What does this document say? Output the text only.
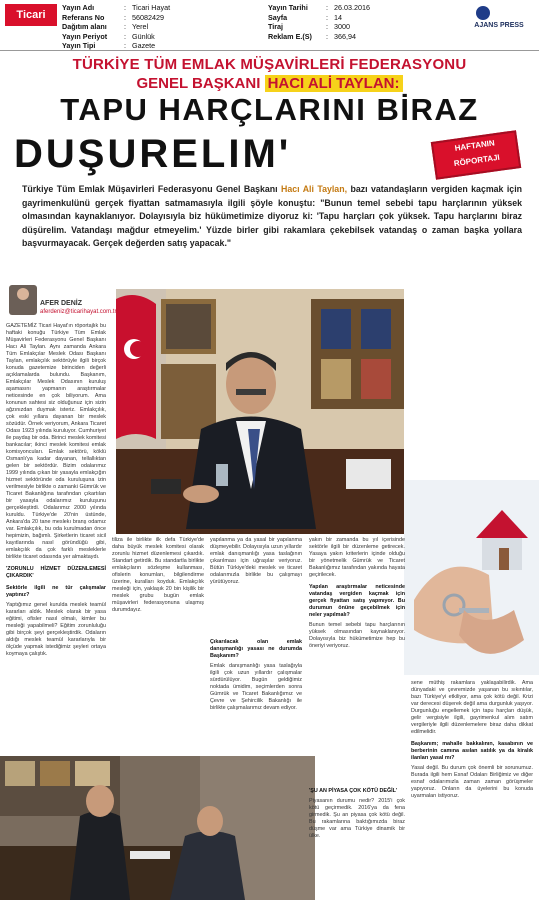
Ticari Hayat
Yayın Adı	: Ticari Hayat
Referans No	: 56082429
Dağıtım alanı : Yerel
Yayın Periyot : Günlük
Yayın Tipi	: Gazete
Yayın Tarihi	: 26.03.2016
Sayfa	: 14
Tiraj	: 3000
Reklam E.(S) : 366,94
AJANS PRESS
TÜRKİYE TÜM EMLAK MÜŞAVİRLERİ FEDERASYONU
GENEL BAŞKANI HACI ALİ TAYLAN:
TAPU HARÇLARINI BİRAZ
DUŞURELIM'	HAFTANIN
RÖPORTAJI
Türkiye Tüm Emlak Müşavirleri Federasyonu Genel Başkanı Hacı Ali Taylan, bazı vatandaşların vergiden kaçmak için gayrimenkulünü gerçek fiyattan satmamasıyla ilgili şöyle konuştu: "Bunun temel sebebi tapu harçlarının yüksek olmasından kaynaklanıyor. Dolayısıyla biz hükümetimize diyoruz ki: 'Tapu harçları çok yüksek. Tapu harçlarını biraz düşürelim. Vatandaşı mağdur etmeyelim.' Yüzde birler gibi rakamlara çekebilsek vatandaş o zaman başka yollara başvurmayacak. Gerçek değerden satış yapacak."
AFER DENİZ
aferdeniz@ticarihayat.com.tr
GAZETEMİZ Ticari Hayat'ın röportajlık bu haftaki konuğu Türkiye Tüm Emlak Müşavirleri Federasyonu Genel Başkanı Hacı Ali Taylan. Aynı zamanda Ankara Tüm Emlakçılar Meslek Odası Başkanı Taylan, emlakçılık sektörüyle ilgili birçok konuda gazetemize birinciden değerli açıklamalarda bulundu. Başkanım, Emlakçılar Meslek Odasının kuruluş aşamasını yapmanın araştırmalar neticesinde en çok biliyorum. Ama konunun sahtesi siz olduğunuz için sizin ağzınızdan duymak isteriz. Emlakçılık, çok eski yıllara dayanan bir meslek sözüdür. Örnek veriyorum, Ankara Ticaret Odası 1923 yılında kuruluyor. Cumhuriyet ile paydaş bir oda. Birinci meslek komitesi bankacılar; ikinci meslek komitesi emlak komisyoncuları. Emlak sektörü, köklü Osmanlı'ya kadar dayanan, tellallıktan gelen bir sektördür. Bizim odalarımız 1999 yılında çıkan bir yasayla emlakçığın hizmet sektöründe oda kuruluşuna izin verilmesiyle birlikte o zamanki Gümrük ve Ticaret Bakanlığına tarafından çıkartılan bir yasayla odalarımız kuruluşunu gerçekleştirdi. Odalarımız 2000 yılında kuruldu. Türkiye'de 20'nin üstünde, Ankara'da 20 tane meslekı branş odamız var. Emlakçılık, bu oda kurulmadan önce hepimizin, bağımlı. Şirketlerin ticaret sicil kayıtlarında nasıl göründüğü gibi, emlakçılık da çok farklı mesleklerle birlikte ticaret odasında yer almaktaydı.
'ZORUNLU HİZMET DÜZENLEMESİ ÇIKARDIK'
Sektörle ilgili ne tür çalışmalar yaptınız?
Yaptığımız genel kurulda meslek teamül kararları aldık. Meslek olarak bir yasa eğitimi, ofisler nasıl olmalı, kimler bu mesleği yapabilmeli? Eğitim zorunluluğu gibi birçok şeyi gerçekleştirdik. Odaların aldığı meslek teamül kararlarıyla bir ölçüde yapmak istediğimiz şeyleri ortaya koymaya çalıştık.
tiliza ile birlikte ilk defa Türkiye'de daha büyük meslek komitesi olarak zorunlu hizmet düzenlemesi çıkardık. Standart getirdik. Bu standartla birlikte emlakçıların sözleşme kullanması, ofislerin konumları, bilgilendirme üzerine, kuralları koyduk. Emlakçılık mesleği için, yaklaşık 20 bin kişilik bir meslek grubu bugün emlak müşavirleri federasyonuna ulaşmış durumdayız.
yapılanma ya da yasal bir yapılanma düşmeyebilir. Dolayısıyla uzun yıllardır emlak danışmanlığı yasa taslağının çıkarılması için uğraşılar veriyoruz. Bütün Türkiye'deki meslek ve ticaret odalarımızla birlikte bu çalışmayı yürütüyoruz.
Çıkarılacak olan emlak danışmanlığı yasası ne durumda Başkanım?
Emlak danışmanlığı yasa taslağıyla ilgili çok uzun yıllardır çalışmalar sürdürülüyor. Bugün geldiğimiz noktada ümidim, seçimlerden sonra Gümrük ve Ticaret Bakanlığımız ve Çevre ve Şehircilik Bakanlığı ile birlikte çalışmalarımız devam ediyor.
yakın bir zamanda bu yıl içerisinde sektörle ilgili bir düzenleme getirecek. Yasaya yakın kriterlerin içinde olduğu bir yönetmelik Gümrük ve Ticaret Bakanlığımız tarafından yakında hayata geçirilecek.
Yapılan araştırmalar neticesinde vatandaş vergiden kaçmak için gerçek fiyattan satış yapmıyor. Bu durumun önüne geçebilmek için neler yapılmalı?
Bunun temel sebebi tapu harçlarının yüksek olmasından kaynaklanıyor. Dolayısıyla biz hükümetimize hep bu öneriyi veriyoruz.
'ŞU AN PİYASA ÇOK KÖTÜ DEĞİL'
Piyasanın durumu nedir? 2015'i çok kötü geçirmedik. 2016'ya da fena girmedik. Şu an piyasa çok kötü değil. Bu rakamlarına baktığımızda biraz düşme var ama Türkiye dinamik bir ülke.
sene müthiş rakamlara yaklaşabilirdik. Ama dünyadaki ve çevremizde yaşanan bu sıkıntılar, bazı Türkiye'yi etkiliyor, ama çok kötü değil. Krizi var derecesi düşerek değil ama durgunluk yaşıyor. Durgunluğu engellemek için tapu harçları düşük, gelir vergisiyle ilgili, gayrimenkul alım satım vergileriyle ilgili düzenlemelere biraz daha dikkat edilmelidir.
Başkanım; mahalle bakkalının, kasabının ve berberinin camına asılan satılık ya da kiralık ilanları yasal mı?
Yasal değil. Bu durum çok önemli bir sorunumuz. Burada ilgili hem Esnaf Odaları Birliğimiz ve diğer esnaf odalarımızla zaman zaman görüşmeler yapıyoruz. Onların da üyelerini bu konuda uyarmaları istiyoruz.
